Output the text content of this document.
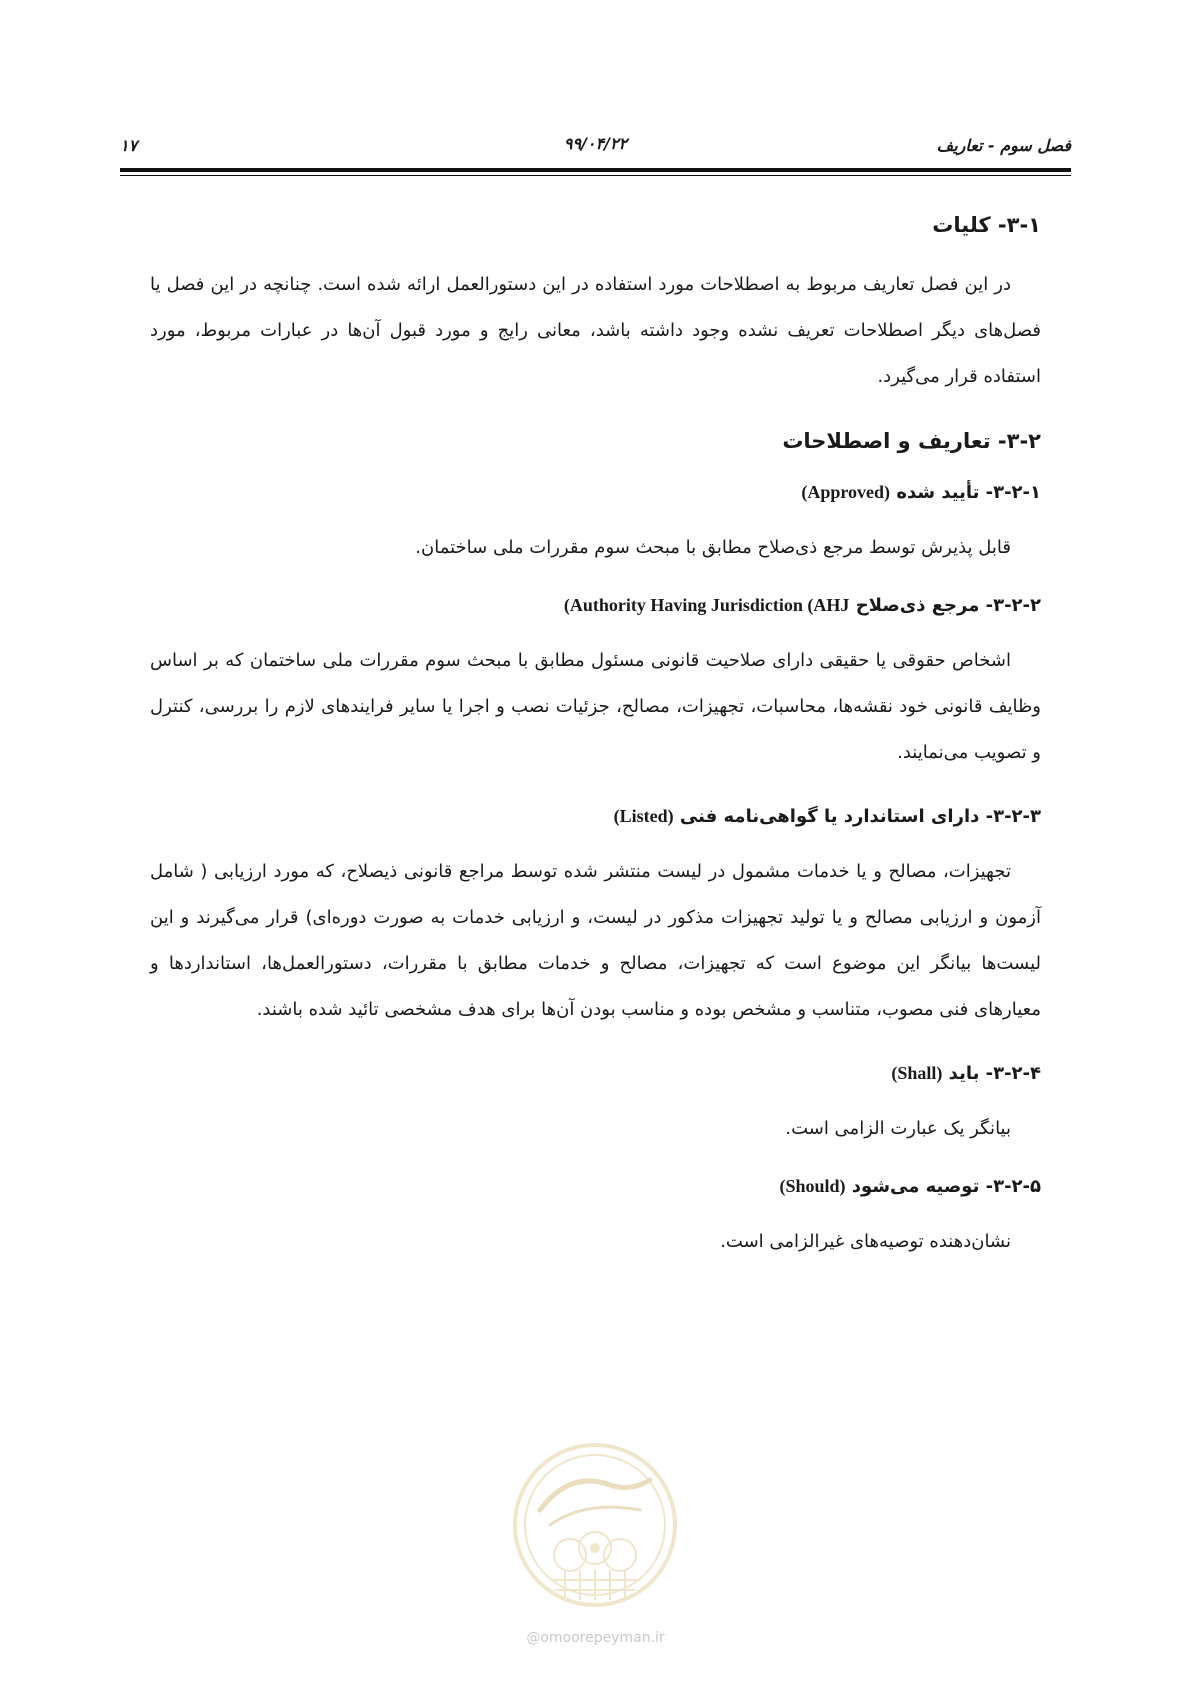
فصل سوم - تعاریف
۹۹/۰۴/۲۲
۱۷
۳-۱- کلیات

در این فصل تعاریف مربوط به اصطلاحات مورد استفاده در این دستورالعمل ارائه شده است. چنانچه در این فصل یا فصل‌های دیگر اصطلاحات تعریف نشده وجود داشته باشد، معانی رایج و مورد قبول آن‌ها در عبارات مربوط، مورد استفاده قرار می‌گیرد.

۳-۲- تعاریف و اصطلاحات
۳-۲-۱- تأیید شده (Approved)

قابل پذیرش توسط مرجع ذی‌صلاح مطابق با مبحث سوم مقررات ملی ساختمان.

۳-۲-۲- مرجع ذی‌صلاح (Authority Having Jurisdiction (AHJ

اشخاص حقوقی یا حقیقی دارای صلاحیت قانونی مسئول مطابق با مبحث سوم مقررات ملی ساختمان که بر اساس وظایف قانونی خود نقشه‌ها، محاسبات، تجهیزات، مصالح، جزئیات نصب و اجرا یا سایر فرایندهای لازم را بررسی، کنترل و تصویب می‌نمایند.

۳-۲-۳- دارای استاندارد یا گواهی‌نامه فنی (Listed)

تجهیزات، مصالح و یا خدمات مشمول در لیست منتشر شده توسط مراجع قانونی ذیصلاح، که مورد ارزیابی ( شامل آزمون و ارزیابی مصالح و یا تولید تجهیزات مذکور در لیست، و ارزیابی خدمات به صورت دوره‌ای) قرار می‌گیرند و این لیست‌ها بیانگر این موضوع است که تجهیزات، مصالح و خدمات مطابق با مقررات، دستورالعمل‌ها، استانداردها و معیارهای فنی مصوب، متناسب و مشخص بوده و مناسب بودن آن‌ها برای هدف مشخصی تائید شده باشند.

۳-۲-۴- باید (Shall)

بیانگر یک عبارت الزامی است.

۳-۲-۵- توصیه می‌شود (Should)

نشان‌دهنده توصیه‌های غیرالزامی است.

@omoorepeyman.ir
